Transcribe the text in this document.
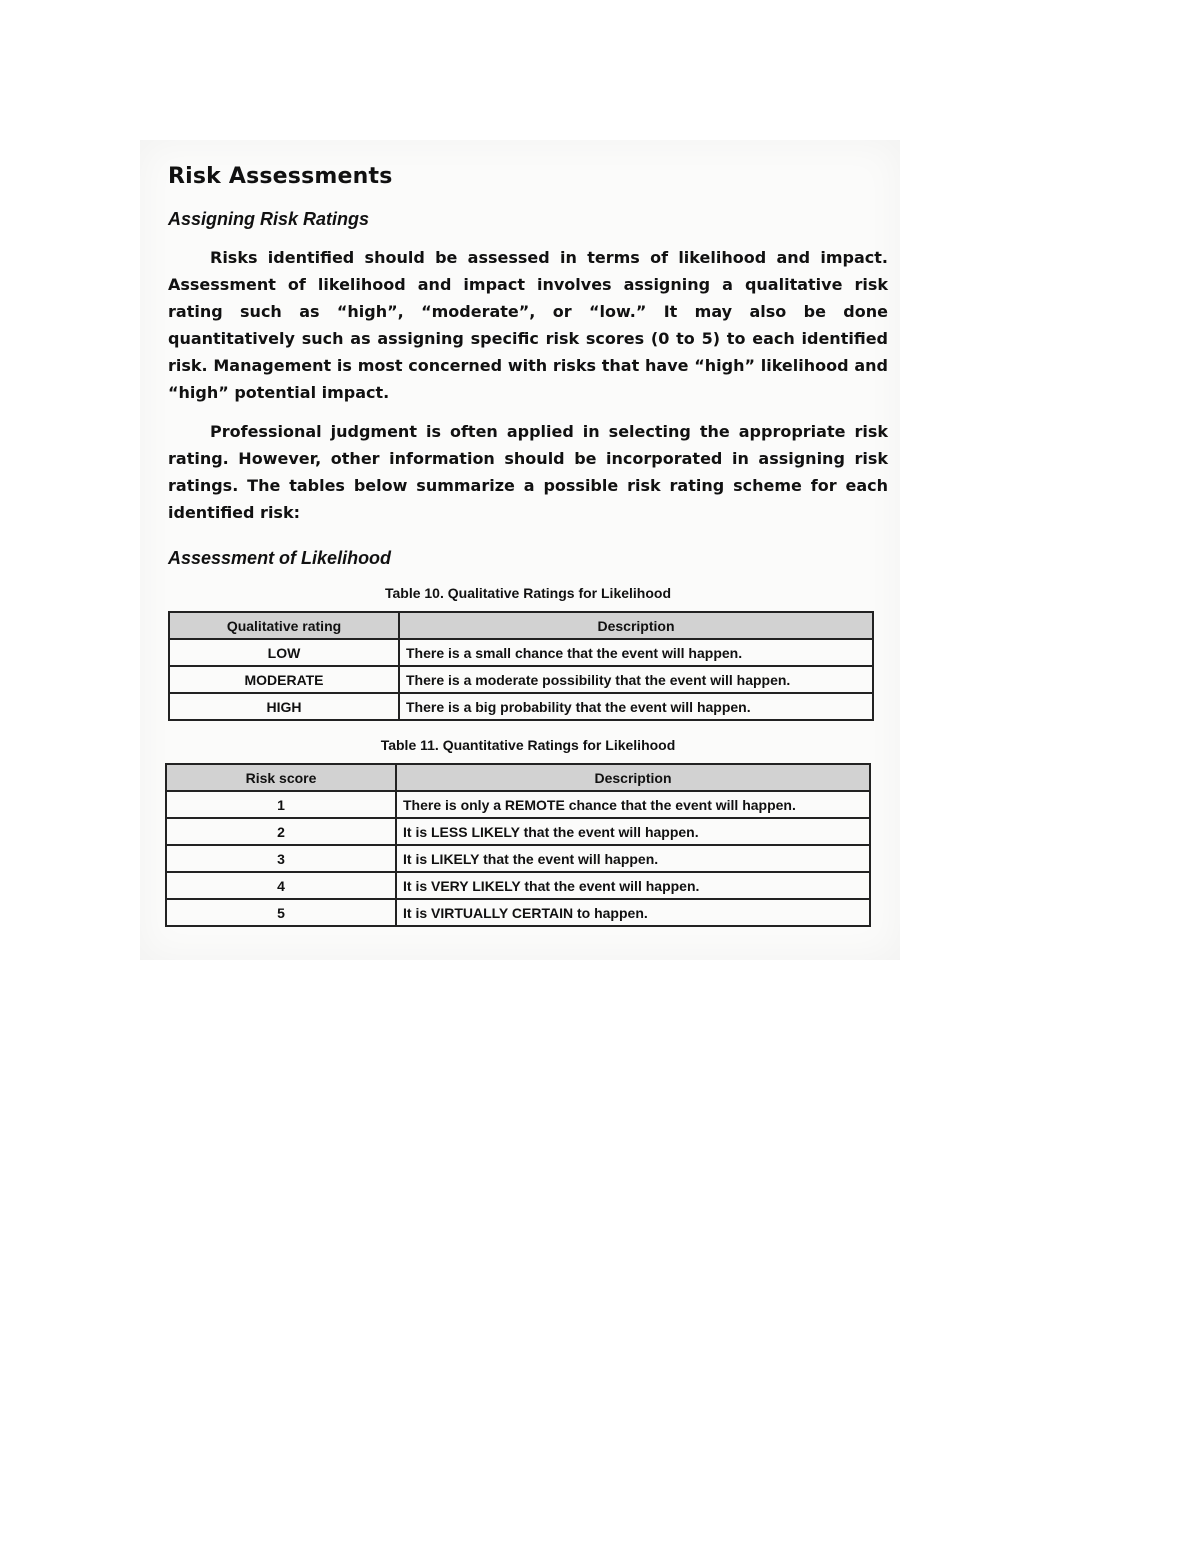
Risk Assessments
Assigning Risk Ratings

Risks identified should be assessed in terms of likelihood and impact. Assessment of likelihood and impact involves assigning a qualitative risk rating such as “high”, “moderate”, or “low.” It may also be done quantitatively such as assigning specific risk scores (0 to 5) to each identified risk. Management is most concerned with risks that have “high” likelihood and “high” potential impact.

Professional judgment is often applied in selecting the appropriate risk rating. However, other information should be incorporated in assigning risk ratings. The tables below summarize a possible risk rating scheme for each identified risk:

Assessment of Likelihood

Table 10. Qualitative Ratings for Likelihood

Qualitative rating	Description
LOW	There is a small chance that the event will happen.
MODERATE	There is a moderate possibility that the event will happen.
HIGH	There is a big probability that the event will happen.

Table 11. Quantitative Ratings for Likelihood

Risk score	Description
1	There is only a REMOTE chance that the event will happen.
2	It is LESS LIKELY that the event will happen.
3	It is LIKELY that the event will happen.
4	It is VERY LIKELY that the event will happen.
5	It is VIRTUALLY CERTAIN to happen.
